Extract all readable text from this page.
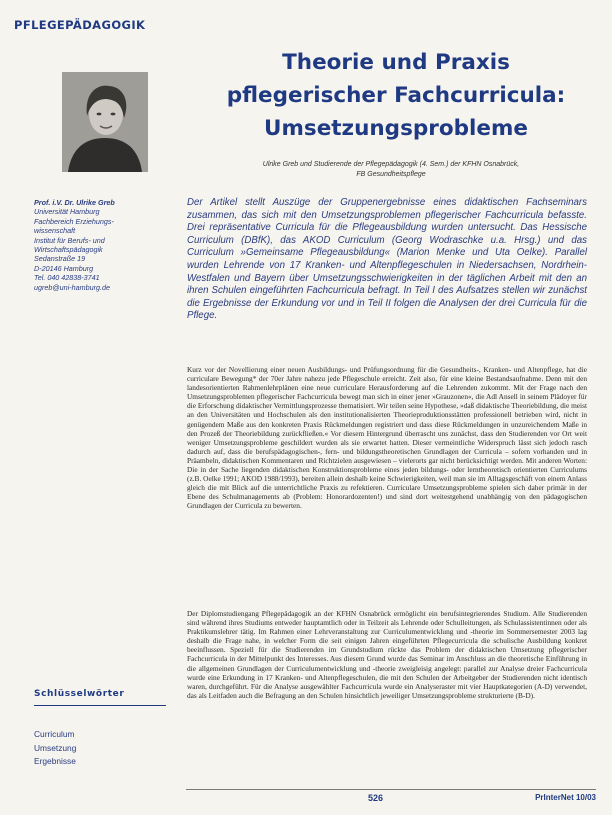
PFLEGEPÄDAGOGIK
Theorie und Praxis
pflegerischer Fachcurricula:
Umsetzungsprobleme
Ulrike Greb und Studierende der Pflegepädagogik (4. Sem.) der KFHN Osnabrück,
FB Gesundheitspflege
Prof. i.V. Dr. Ulrike Greb
Universität Hamburg
Fachbereich Erziehungs-
wissenschaft
Institut für Berufs- und
Wirtschaftspädagogik
Sedanstraße 19
D-20146 Hamburg
Tel. 040 42838-3741
ugreb@uni-hamburg.de

Der Artikel stellt Auszüge der Gruppenergebnisse eines didaktischen Fachseminars zusammen, das sich mit den Umsetzungsproblemen pflegerischer Fachcurricula befasste. Drei repräsentative Curricula für die Pflegeausbildung wurden untersucht. Das Hessische Curriculum (DBfK), das AKOD Curriculum (Georg Wodraschke u.a. Hrsg.) und das Curriculum »Gemeinsame Pflegeausbildung« (Marion Menke und Uta Oelke). Parallel wurden Lehrende von 17 Kranken- und Altenpflegeschulen in Niedersachsen, Nordrhein-Westfalen und Bayern über Umsetzungsschwierigkeiten in der täglichen Arbeit mit den an ihren Schulen eingeführten Fachcurricula befragt. In Teil I des Aufsatzes stellen wir zunächst die Ergebnisse der Erkundung vor und in Teil II folgen die Analysen der drei Curricula für die Pflege.

Kurz vor der Novellierung einer neuen Ausbildungs- und Prüfungsordnung für die Gesundheits-, Kranken- und Altenpflege, hat die curriculare Bewegung* der 70er Jahre nahezu jede Pflegeschule erreicht. Zeit also, für eine kleine Bestandsaufnahme. Denn mit den landesorientierten Rahmenlehrplänen eine neue curriculare Herausforderung auf die Lehrenden zukommt. Mit der Frage nach den Umsetzungsproblemen pflegerischer Fachcurricula bewegt man sich in einer jener »Grauzonen«, die Adl Ansell in seinem Plädoyer für die Erforschung didaktischer Vermittlungsprozesse thematisiert. Wir teilen seine Hypothese, »daß didaktische Theoriebildung, die meist an den Universitäten und Hochschulen als den institutionalisierten Theorieproduktionsstätten professionell betrieben wird, nicht in genügendem Maße aus den konkreten Praxis Rückmeldungen registriert und dass diese Rückmeldungen in unzureichendem Maße in den Prozeß der Theoriebildung zurückfließen.« Vor diesem Hintergrund überrascht uns zunächst, dass den Studierenden vor Ort weit weniger Umsetzungsprobleme geschildert wurden als sie erwartet hatten. Dieser vermeintliche Widerspruch lässt sich jedoch rasch dadurch auf, dass die berufspädagogischen-, fern- und bildungstheoretischen Grundlagen der Curricula – sofern vorhanden und in Präambeln, didaktischen Kommentaren und Richtzielen ausgewiesen – vielerorts gar nicht berücksichtigt werden. Mit anderen Worten: Die in der Sache liegenden didaktischen Konstruktionsprobleme eines jeden bildungs- oder lerntheoretisch orientierten Curriculums (z.B. Oelke 1991; AKOD 1988/1993), bereiten allein deshalb keine Schwierigkeiten, weil man sie im Alltagsgeschäft von einem Anlass gleich die mit Blick auf die unterrichtliche Praxis zu refektieren. Curriculare Umsetzungsprobleme spielen sich daher primär in der Ebene des Schulmanagements ab (Problem: Honorardozenten!) und sind dort weitestgehend unabhängig von den pädagogischen Grundlagen der Curricula zu bewerten.

Der Diplomstudiengang Pflegepädagogik an der KFHN Osnabrück ermöglicht ein berufsintegrierendes Studium. Alle Studierenden sind während ihres Studiums entweder hauptamtlich oder in Teilzeit als Lehrende oder Schulleitungen, als Schulassistentinnen oder als Praktikumslehrer tätig. Im Rahmen einer Lehrveranstaltung zur Curriculumentwicklung und -theorie im Sommersemester 2003 lag deshalb die Frage nahe, in welcher Form die seit einigen Jahren eingeführten Pflegecurricula die schulische Ausbildung konkret beeinflussen. Speziell für die Studierenden im Grundstudium rückte das Problem der didaktischen Umsetzung pflegerischer Fachcurricula in der Mittelpunkt des Interesses. Aus diesem Grund wurde das Seminar im Anschluss an die theoretische Einführung in die allgemeinen Grundlagen der Curriculumentwicklung und -theorie zweigleisig angelegt: parallel zur Analyse dreier Fachcurricula wurde eine Erkundung in 17 Kranken- und Altenpflegeschulen, die mit den Schulen der Arbeitgeber der Studierenden nicht identisch waren, durchgeführt. Für die Analyse ausgewählter Fachcurricula wurde ein Analyseraster mit vier Hauptkategorien (A-D) verwendet, das als Leitfaden auch die Befragung an den Schulen hinsichtlich jeweiliger Umsetzungsprobleme strukturierte (B-D).

Schlüsselwörter
Curriculum
Umsetzung
Ergebnisse
526	PrInterNet 10/03
